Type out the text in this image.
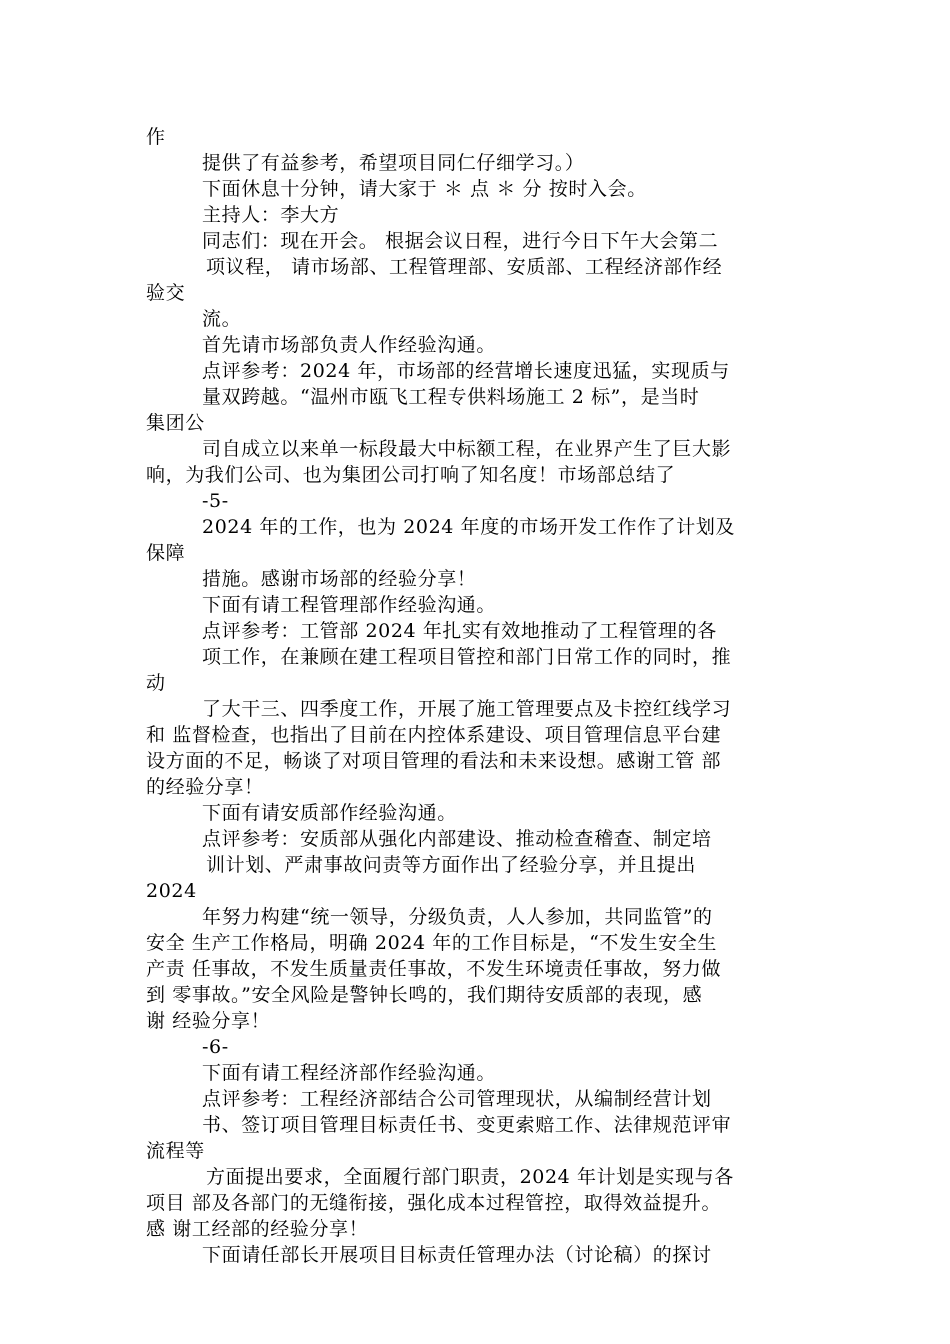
作
提供了有益参考，希望项目同仁仔细学习。）
下面休息十分钟，请大家于 ＊ 点 ＊ 分 按时入会。
主持人：李大方
同志们：现在开会。 根据会议日程，进行今日下午大会第二
项议程， 请市场部、工程管理部、安质部、工程经济部作经
验交
流。
首先请市场部负责人作经验沟通。
点评参考：2024 年，市场部的经营增长速度迅猛，实现质与
量双跨越。“温州市瓯飞工程专供料场施工 2 标”，是当时
集团公
司自成立以来单一标段最大中标额工程，在业界产生了巨大影
响，为我们公司、也为集团公司打响了知名度！市场部总结了
-5-
2024 年的工作，也为 2024 年度的市场开发工作作了计划及
保障
措施。感谢市场部的经验分享！
下面有请工程管理部作经验沟通。
点评参考：工管部 2024 年扎实有效地推动了工程管理的各
项工作，在兼顾在建工程项目管控和部门日常工作的同时，推
动
了大干三、四季度工作，开展了施工管理要点及卡控红线学习
和 监督检查，也指出了目前在内控体系建设、项目管理信息平台建
设方面的不足，畅谈了对项目管理的看法和未来设想。感谢工管 部
的经验分享！
下面有请安质部作经验沟通。
点评参考：安质部从强化内部建设、推动检查稽查、制定培
训计划、严肃事故问责等方面作出了经验分享，并且提出
2024
年努力构建“统一领导，分级负责，人人参加，共同监管”的
安全 生产工作格局，明确 2024 年的工作目标是，“不发生安全生
产责 任事故，不发生质量责任事故，不发生环境责任事故，努力做
到 零事故。”安全风险是警钟长鸣的，我们期待安质部的表现，感
谢 经验分享！
-6-
下面有请工程经济部作经验沟通。
点评参考：工程经济部结合公司管理现状，从编制经营计划
书、签订项目管理目标责任书、变更索赔工作、法律规范评审
流程等
方面提出要求，全面履行部门职责，2024 年计划是实现与各
项目 部及各部门的无缝衔接，强化成本过程管控，取得效益提升。
感 谢工经部的经验分享！
下面请任部长开展项目目标责任管理办法（讨论稿）的探讨
